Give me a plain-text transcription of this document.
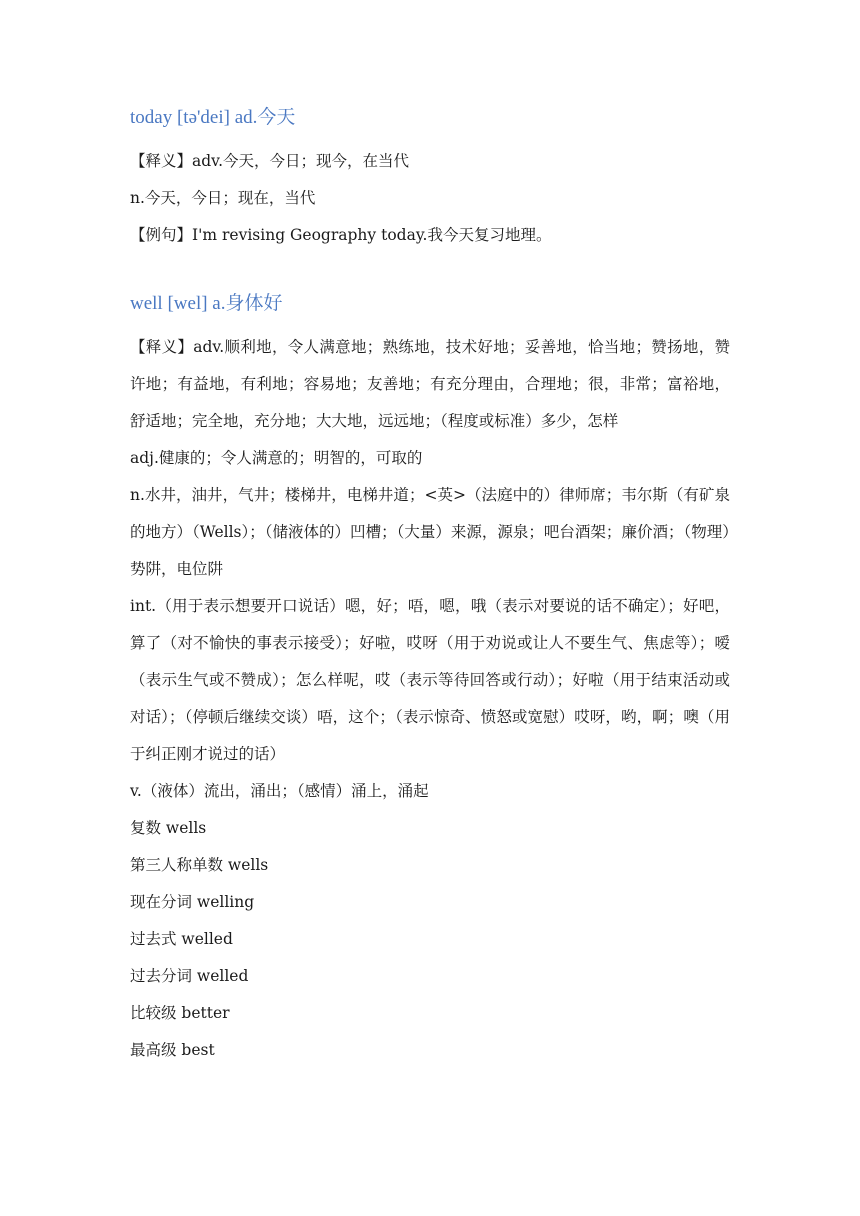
today [tə'dei] ad.今天

【释义】adv.今天，今日；现今，在当代

n.今天，今日；现在，当代

【例句】I'm revising Geography today.我今天复习地理。

well [wel] a.身体好

【释义】adv.顺利地，令人满意地；熟练地，技术好地；妥善地，恰当地；赞扬地，赞许地；有益地，有利地；容易地；友善地；有充分理由，合理地；很，非常；富裕地，舒适地；完全地，充分地；大大地，远远地；（程度或标准）多少，怎样

adj.健康的；令人满意的；明智的，可取的

n.水井，油井，气井；楼梯井，电梯井道；<英>（法庭中的）律师席；韦尔斯（有矿泉的地方）（Wells）；（储液体的）凹槽；（大量）来源，源泉；吧台酒架；廉价酒；（物理）势阱，电位阱

int.（用于表示想要开口说话）嗯，好；唔，嗯，哦（表示对要说的话不确定）；好吧，算了（对不愉快的事表示接受）；好啦，哎呀（用于劝说或让人不要生气、焦虑等）；嗳（表示生气或不赞成）；怎么样呢，哎（表示等待回答或行动）；好啦（用于结束活动或对话）；（停顿后继续交谈）唔，这个；（表示惊奇、愤怒或宽慰）哎呀，哟，啊；噢（用于纠正刚才说过的话）

v.（液体）流出，涌出；（感情）涌上，涌起

复数 wells

第三人称单数 wells

现在分词 welling

过去式 welled

过去分词 welled

比较级 better

最高级 best
